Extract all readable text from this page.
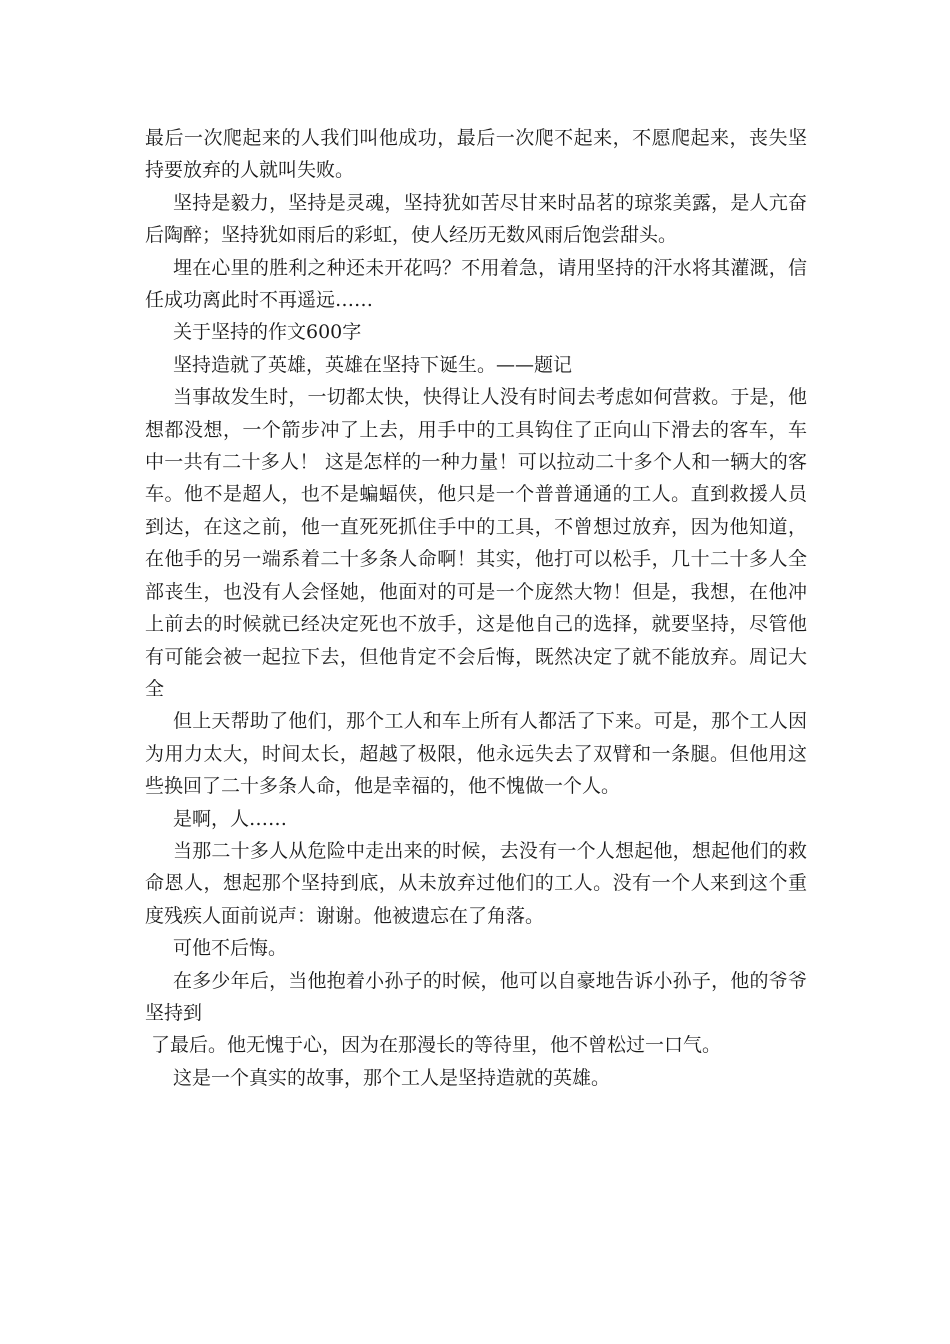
最后一次爬起来的人我们叫他成功，最后一次爬不起来，不愿爬起来，丧失坚持要放弃的人就叫失败。

坚持是毅力，坚持是灵魂，坚持犹如苦尽甘来时品茗的琼浆美露，是人亢奋后陶醉；坚持犹如雨后的彩虹，使人经历无数风雨后饱尝甜头。

埋在心里的胜利之种还未开花吗？不用着急，请用坚持的汗水将其灌溉，信任成功离此时不再遥远……

关于坚持的作文600字

坚持造就了英雄，英雄在坚持下诞生。——题记

当事故发生时，一切都太快，快得让人没有时间去考虑如何营救。于是，他想都没想，一个箭步冲了上去，用手中的工具钩住了正向山下滑去的客车，车中一共有二十多人！ 这是怎样的一种力量！可以拉动二十多个人和一辆大的客车。他不是超人，也不是蝙蝠侠，他只是一个普普通通的工人。直到救援人员到达，在这之前，他一直死死抓住手中的工具，不曾想过放弃，因为他知道，在他手的另一端系着二十多条人命啊！其实，他打可以松手，几十二十多人全部丧生，也没有人会怪她，他面对的可是一个庞然大物！但是，我想，在他冲上前去的时候就已经决定死也不放手，这是他自己的选择，就要坚持，尽管他有可能会被一起拉下去，但他肯定不会后悔，既然决定了就不能放弃。周记大全

但上天帮助了他们，那个工人和车上所有人都活了下来。可是，那个工人因为用力太大，时间太长，超越了极限，他永远失去了双臂和一条腿。但他用这些换回了二十多条人命，他是幸福的，他不愧做一个人。

是啊，人……

当那二十多人从危险中走出来的时候，去没有一个人想起他，想起他们的救命恩人，想起那个坚持到底，从未放弃过他们的工人。没有一个人来到这个重度残疾人面前说声：谢谢。他被遗忘在了角落。

可他不后悔。

在多少年后，当他抱着小孙子的时候，他可以自豪地告诉小孙子，他的爷爷坚持到

了最后。他无愧于心，因为在那漫长的等待里，他不曾松过一口气。

这是一个真实的故事，那个工人是坚持造就的英雄。
